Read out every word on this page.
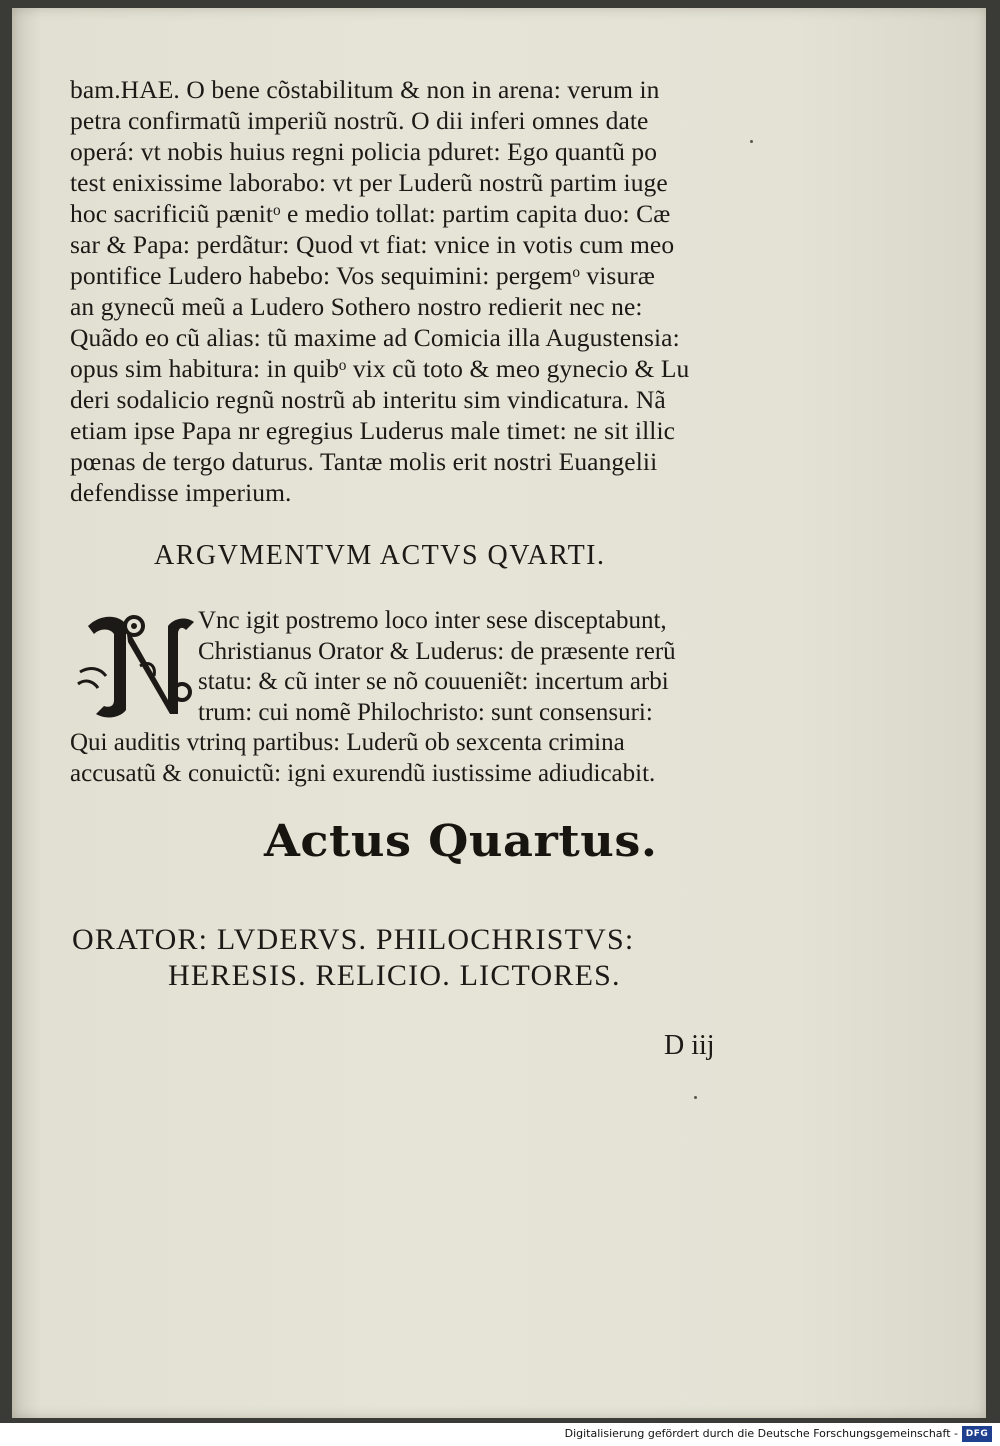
bam.HAE. O bene cõstabilitum & non in arena: verum in
petra confirmatũ imperiũ nostrũ. O dii inferi omnes date
operá: vt nobis huius regni policia pduret: Ego quantũ po
test enixissime laborabo: vt per Luderũ nostrũ partim iuge
hoc sacrificiũ pænitᵒ e medio tollat: partim capita duo: Cæ
sar & Papa: perdãtur: Quod vt fiat: vnice in votis cum meo
pontifice Ludero habebo: Vos sequimini: pergemᵒ visuræ
an gynecũ meũ a Ludero Sothero nostro redierit nec ne:
Quãdo eo cũ alias: tũ maxime ad Comicia illa Augustensia:
opus sim habitura: in quibᵒ vix cũ toto & meo gynecio & Lu
deri sodalicio regnũ nostrũ ab interitu sim vindicatura. Nã
etiam ipse Papa nr egregius Luderus male timet: ne sit illic
pœnas de tergo daturus. Tantæ molis erit nostri Euangelii
defendisse imperium.
ARGVMENTVM ACTVS QVARTI.
Vnc igit postremo loco inter sese disceptabunt,
Christianus Orator & Luderus: de præsente rerũ
statu: & cũ inter se nõ couueniẽt: incertum arbi
trum: cui nomẽ Philochristo: sunt consensuri:
Qui auditis vtrinq partibus: Luderũ ob sexcenta crimina
accusatũ & conuictũ: igni exurendũ iustissime adiudicabit.
Actus Quartus.
ORATOR: LVDERVS. PHILOCHRISTVS:
HERESIS. RELICIO. LICTORES.
D iij
Digitalisierung gefördert durch die Deutsche Forschungsgemeinschaft - DFG
